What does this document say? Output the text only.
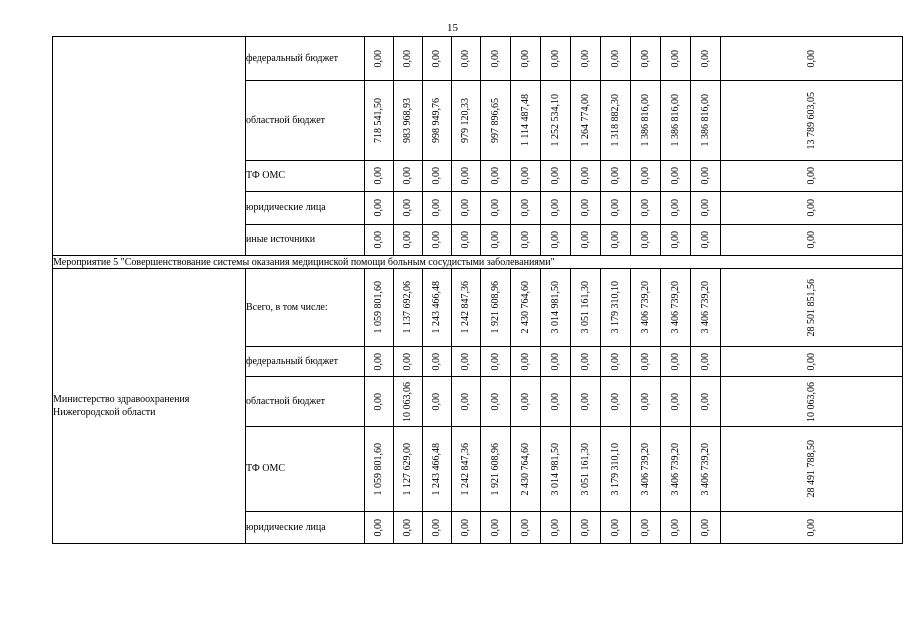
15
	федеральный бюджет	0,00	0,00	0,00	0,00	0,00	0,00	0,00	0,00	0,00	0,00	0,00	0,00	0,00

	областной бюджет	718 541,50	983 968,93	998 949,76	979 120,33	997 896,65	1 114 487,48	1 252 534,10	1 264 774,00	1 318 882,30	1 386 816,00	1 386 816,00	1 386 816,00	13 789 603,05

	ТФ ОМС	0,00	0,00	0,00	0,00	0,00	0,00	0,00	0,00	0,00	0,00	0,00	0,00	0,00

	юридические лица	0,00	0,00	0,00	0,00	0,00	0,00	0,00	0,00	0,00	0,00	0,00	0,00	0,00

	иные источники	0,00	0,00	0,00	0,00	0,00	0,00	0,00	0,00	0,00	0,00	0,00	0,00	0,00

Мероприятие 5 "Совершенствование системы оказания медицинской помощи больным сосудистыми заболеваниями"														
Министерство здравоохранения Нижегородской области	Всего, в том числе:	1 059 801,60	1 137 692,06	1 243 466,48	1 242 847,36	1 921 608,96	2 430 764,60	3 014 981,50	3 051 161,30	3 179 310,10	3 406 739,20	3 406 739,20	3 406 739,20	28 501 851,56

	федеральный бюджет	0,00	0,00	0,00	0,00	0,00	0,00	0,00	0,00	0,00	0,00	0,00	0,00	0,00

	областной бюджет	0,00	10 063,06	0,00	0,00	0,00	0,00	0,00	0,00	0,00	0,00	0,00	0,00	10 063,06

	ТФ ОМС	1 059 801,60	1 127 629,00	1 243 466,48	1 242 847,36	1 921 608,96	2 430 764,60	3 014 981,50	3 051 161,30	3 179 310,10	3 406 739,20	3 406 739,20	3 406 739,20	28 491 788,50

	юридические лица	0,00	0,00	0,00	0,00	0,00	0,00	0,00	0,00	0,00	0,00	0,00	0,00	0,00
